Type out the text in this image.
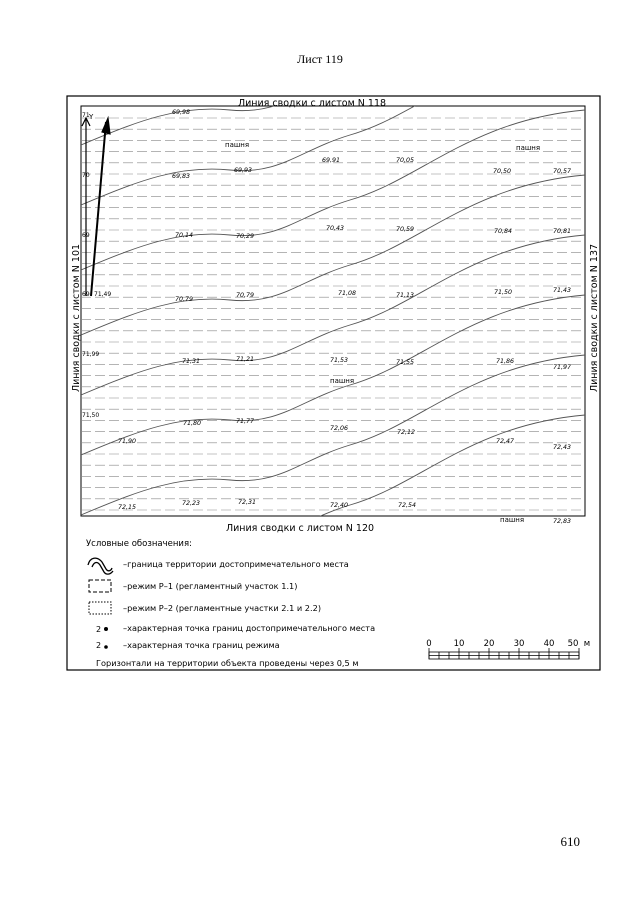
Лист 119
Y
Линия сводки с листом N 118
Линия сводки с листом N 120
Линия сводки с листом N 101	Линия сводки с листом N 137
71
70
69
69 71,49
71,99
71,50
пашня	пашня
пашня
пашня
69,98
69,83
69,93
69,91	70,05
70,50	70,57
70,14	70,29
70,43	70,59	70,84	70,81
70,79
70,79	71,08	71,13	71,50	71,43
71,31	71,21	71,53	71,55	71,86
71,97
71,90
71,80	71,77
72,06
72,12
72,47
72,43
72,15
72,23	72,31	72,40	72,54
72,83
Условные обозначения:
2
2
–граница территории достопримечательного места
–режим Р–1 (регламентный участок 1.1)
–режим Р–2 (регламентные участки 2.1 и 2.2)
–характерная точка границ достопримечательного места
–характерная точка границ режима
Горизонтали на территории объекта проведены через 0,5 м
0	10 20 30 40 50 м
610
